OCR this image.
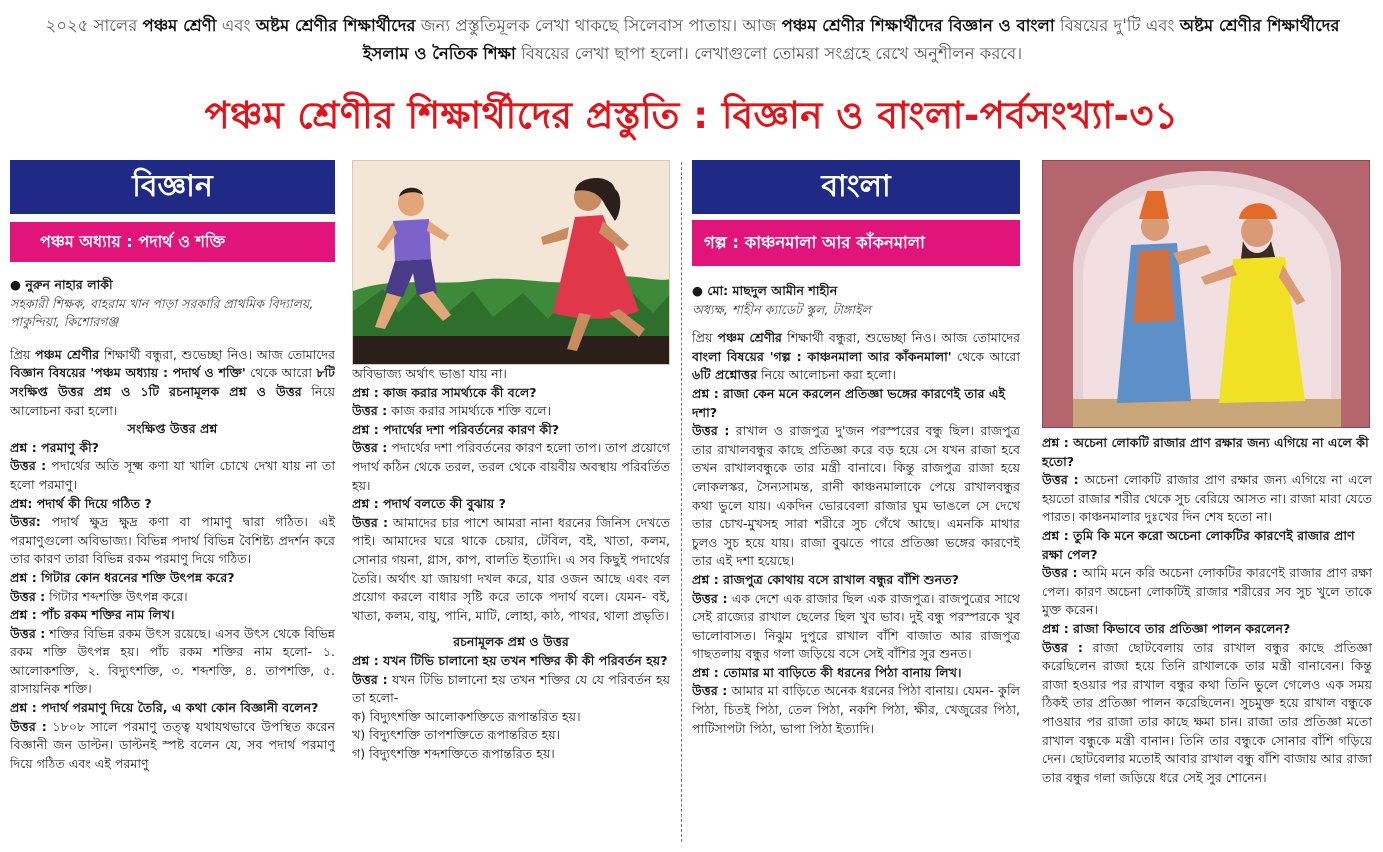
২০২৫ সালের পঞ্চম শ্রেণী এবং অষ্টম শ্রেণীর শিক্ষার্থীদের জন্য প্রস্তুতিমূলক লেখা থাকছে সিলেবাস পাতায়। আজ পঞ্চম শ্রেণীর শিক্ষার্থীদের বিজ্ঞান ও বাংলা বিষয়ের দু'টি এবং অষ্টম শ্রেণীর শিক্ষার্থীদের ইসলাম ও নৈতিক শিক্ষা বিষয়ের লেখা ছাপা হলো। লেখাগুলো তোমরা সংগ্রহে রেখে অনুশীলন করবে।
পঞ্চম শ্রেণীর শিক্ষার্থীদের প্রস্তুতি : বিজ্ঞান ও বাংলা-পর্বসংখ্যা-৩১
বিজ্ঞান
পঞ্চম অধ্যায় : পদার্থ ও শক্তি
● নুরুন নাহার লাকী
সহকারী শিক্ষক, বাহরাম খান পাড়া সরকারি প্রাথমিক বিদ্যালয়, পাকুন্দিয়া, কিশোরগঞ্জ
প্রিয় পঞ্চম শ্রেণীর শিক্ষার্থী বন্ধুরা, শুভেচ্ছা নিও। আজ তোমাদের বিজ্ঞান বিষয়ের 'পঞ্চম অধ্যায় : পদার্থ ও শক্তি' থেকে আরো ৮টি সংক্ষিপ্ত উত্তর প্রশ্ন ও ১টি রচনামূলক প্রশ্ন ও উত্তর নিয়ে আলোচনা করা হলো।
সংক্ষিপ্ত উত্তর প্রশ্ন
প্রশ্ন : পরমাণু কী?
উত্তর : পদার্থের অতি সূক্ষ্ম কণা যা খালি চোখে দেখা যায় না তা হলো পরমাণু।
প্রশ্ন: পদার্থ কী দিয়ে গঠিত ?
উত্তর: পদার্থ ক্ষুদ্র ক্ষুদ্র কণা বা পামাণু দ্বারা গঠিত। এই পরমাণুগুলো অবিভাজ্য। বিভিন্ন পদার্থ বিভিন্ন বৈশিষ্ট্য প্রদর্শন করে তার কারণ তারা বিভিন্ন রকম পরমাণু দিয়ে গঠিত।
প্রশ্ন : গিটার কোন ধরনের শক্তি উৎপন্ন করে?
উত্তর : গিটার শব্দশক্তি উৎপন্ন করে।
প্রশ্ন : পাঁচ রকম শক্তির নাম লিখ।
উত্তর : শক্তির বিভিন্ন রকম উৎস রয়েছে। এসব উৎস থেকে বিভিন্ন রকম শক্তি উৎপন্ন হয়। পাঁচ রকম শক্তির নাম হলো- ১. আলোকশক্তি, ২. বিদ্যুৎশক্তি, ৩. শব্দশক্তি, ৪. তাপশক্তি, ৫. রাসায়নিক শক্তি।
প্রশ্ন : পদার্থ পরমাণু দিয়ে তৈরি, এ কথা কোন বিজ্ঞানী বলেন?
উত্তর : ১৮০৮ সালে পরমাণু তত্ত্ব যথাযথভাবে উপস্থিত করেন বিজ্ঞানী জন ডাল্টন। ডাল্টনই স্পষ্ট বলেন যে, সব পদার্থ পরমাণু দিয়ে গঠিত এবং এই পরমাণু
অবিভাজ্য অর্থাৎ ভাঙা যায় না।
প্রশ্ন : কাজ করার সামর্থ্যকে কী বলে?
উত্তর : কাজ করার সামর্থ্যকে শক্তি বলে।
প্রশ্ন : পদার্থের দশা পরিবর্তনের কারণ কী?
উত্তর : পদার্থের দশা পরিবর্তনের কারণ হলো তাপ। তাপ প্রয়োগে পদার্থ কঠিন থেকে তরল, তরল থেকে বায়বীয় অবস্থায় পরিবর্তিত হয়।
প্রশ্ন : পদার্থ বলতে কী বুঝায় ?
উত্তর : আমাদের চার পাশে আমরা নানা ধরনের জিনিস দেখতে পাই। আমাদের ঘরে থাকে চেয়ার, টেবিল, বই, খাতা, কলম, সোনার গয়না, গ্লাস, কাপ, বালতি ইত্যাদি। এ সব কিছুই পদার্থের তৈরি। অর্থাৎ যা জায়গা দখল করে, যার ওজন আছে এবং বল প্রয়োগ করলে বাধার সৃষ্টি করে তাকে পদার্থ বলে। যেমন- বই, খাতা, কলম, বায়ু, পানি, মাটি, লোহা, কাঠ, পাথর, থালা প্রভৃতি।
রচনামূলক প্রশ্ন ও উত্তর
প্রশ্ন : যখন টিভি চালানো হয় তখন শক্তির কী কী পরিবর্তন হয়?
উত্তর : যখন টিভি চালানো হয় তখন শক্তির যে যে পরিবর্তন হয় তা হলো-
ক) বিদ্যুৎশক্তি আলোকশক্তিতে রূপান্তরিত হয়।
খ) বিদ্যুৎশক্তি তাপশক্তিতে রূপান্তরিত হয়।
গ) বিদ্যুৎশক্তি শব্দশক্তিতে রূপান্তরিত হয়।
বাংলা
গল্প : কাঞ্চনমালা আর কাঁকনমালা
● মো: মাছদুল আমীন শাহীন
অধ্যক্ষ, শাহীন ক্যাডেট স্কুল, টাঙ্গাইল
প্রিয় পঞ্চম শ্রেণীর শিক্ষার্থী বন্ধুরা, শুভেচ্ছা নিও। আজ তোমাদের বাংলা বিষয়ের 'গল্প : কাঞ্চনমালা আর কাঁকনমালা' থেকে আরো ৬টি প্রশ্নোত্তর নিয়ে আলোচনা করা হলো।
প্রশ্ন : রাজা কেন মনে করলেন প্রতিজ্ঞা ভঙ্গের কারণেই তার এই দশা?
উত্তর : রাখাল ও রাজপুত্র দু'জন পরস্পরের বন্ধু ছিল। রাজপুত্র তার রাখালবন্ধুর কাছে প্রতিজ্ঞা করে বড় হয়ে সে যখন রাজা হবে তখন রাখালবন্ধুকে তার মন্ত্রী বানাবে। কিন্তু রাজপুত্র রাজা হয়ে লোকলস্কর, সৈন্যসামন্ত, রানী কাঞ্চনমালাকে পেয়ে রাখালবন্ধুর কথা ভুলে যায়। একদিন ভোরবেলা রাজার ঘুম ভাঙলে সে দেখে তার চোখ-মুখসহ সারা শরীরে সুচ গেঁথে আছে। এমনকি মাথার চুলও সুচ হয়ে যায়। রাজা বুঝতে পারে প্রতিজ্ঞা ভঙ্গের কারণেই তার এই দশা হয়েছে।
প্রশ্ন : রাজপুত্র কোথায় বসে রাখাল বন্ধুর বাঁশি শুনত?
উত্তর : এক দেশে এক রাজার ছিল এক রাজপুত্র। রাজপুত্রের সাথে সেই রাজ্যের রাখাল ছেলের ছিল খুব ভাব। দুই বন্ধু পরস্পরকে খুব ভালোবাসত। নিঝুম দুপুরে রাখাল বাঁশি বাজাত আর রাজপুত্র গাছতলায় বন্ধুর গলা জড়িয়ে বসে সেই বাঁশির সুর শুনত।
প্রশ্ন : তোমার মা বাড়িতে কী ধরনের পিঠা বানায় লিখ।
উত্তর : আমার মা বাড়িতে অনেক ধরনের পিঠা বানায়। যেমন- কুলি পিঠা, চিতই পিঠা, তেল পিঠা, নকশি পিঠা, ক্ষীর, খেজুরের পিঠা, পাটিসাপটা পিঠা, ভাপা পিঠা ইত্যাদি।
প্রশ্ন : অচেনা লোকটি রাজার প্রাণ রক্ষার জন্য এগিয়ে না এলে কী হতো?
উত্তর : অচেনা লোকটি রাজার প্রাণ রক্ষার জন্য এগিয়ে না এলে হয়তো রাজার শরীর থেকে সুচ বেরিয়ে আসত না। রাজা মারা যেতে পারত। কাঞ্চনমালার দুঃখের দিন শেষ হতো না।
প্রশ্ন : তুমি কি মনে করো অচেনা লোকটির কারণেই রাজার প্রাণ রক্ষা পেল?
উত্তর : আমি মনে করি অচেনা লোকটির কারণেই রাজার প্রাণ রক্ষা পেল। কারণ অচেনা লোকটিই রাজার শরীরের সব সুচ খুলে তাকে মুক্ত করেন।
প্রশ্ন : রাজা কিভাবে তার প্রতিজ্ঞা পালন করলেন?
উত্তর : রাজা ছোটবেলায় তার রাখাল বন্ধুর কাছে প্রতিজ্ঞা করেছিলেন রাজা হয়ে তিনি রাখালকে তার মন্ত্রী বানাবেন। কিন্তু রাজা হওয়ার পর রাখাল বন্ধুর কথা তিনি ভুলে গেলেও এক সময় ঠিকই তার প্রতিজ্ঞা পালন করেছিলেন। সুচমুক্ত হয়ে রাখাল বন্ধুকে পাওয়ার পর রাজা তার কাছে ক্ষমা চান। রাজা তার প্রতিজ্ঞা মতো রাখাল বন্ধুকে মন্ত্রী বানান। তিনি তার বন্ধুকে সোনার বাঁশি গড়িয়ে দেন। ছোটবেলার মতোই আবার রাখাল বন্ধু বাঁশি বাজায় আর রাজা তার বন্ধুর গলা জড়িয়ে ধরে সেই সুর শোনেন।
